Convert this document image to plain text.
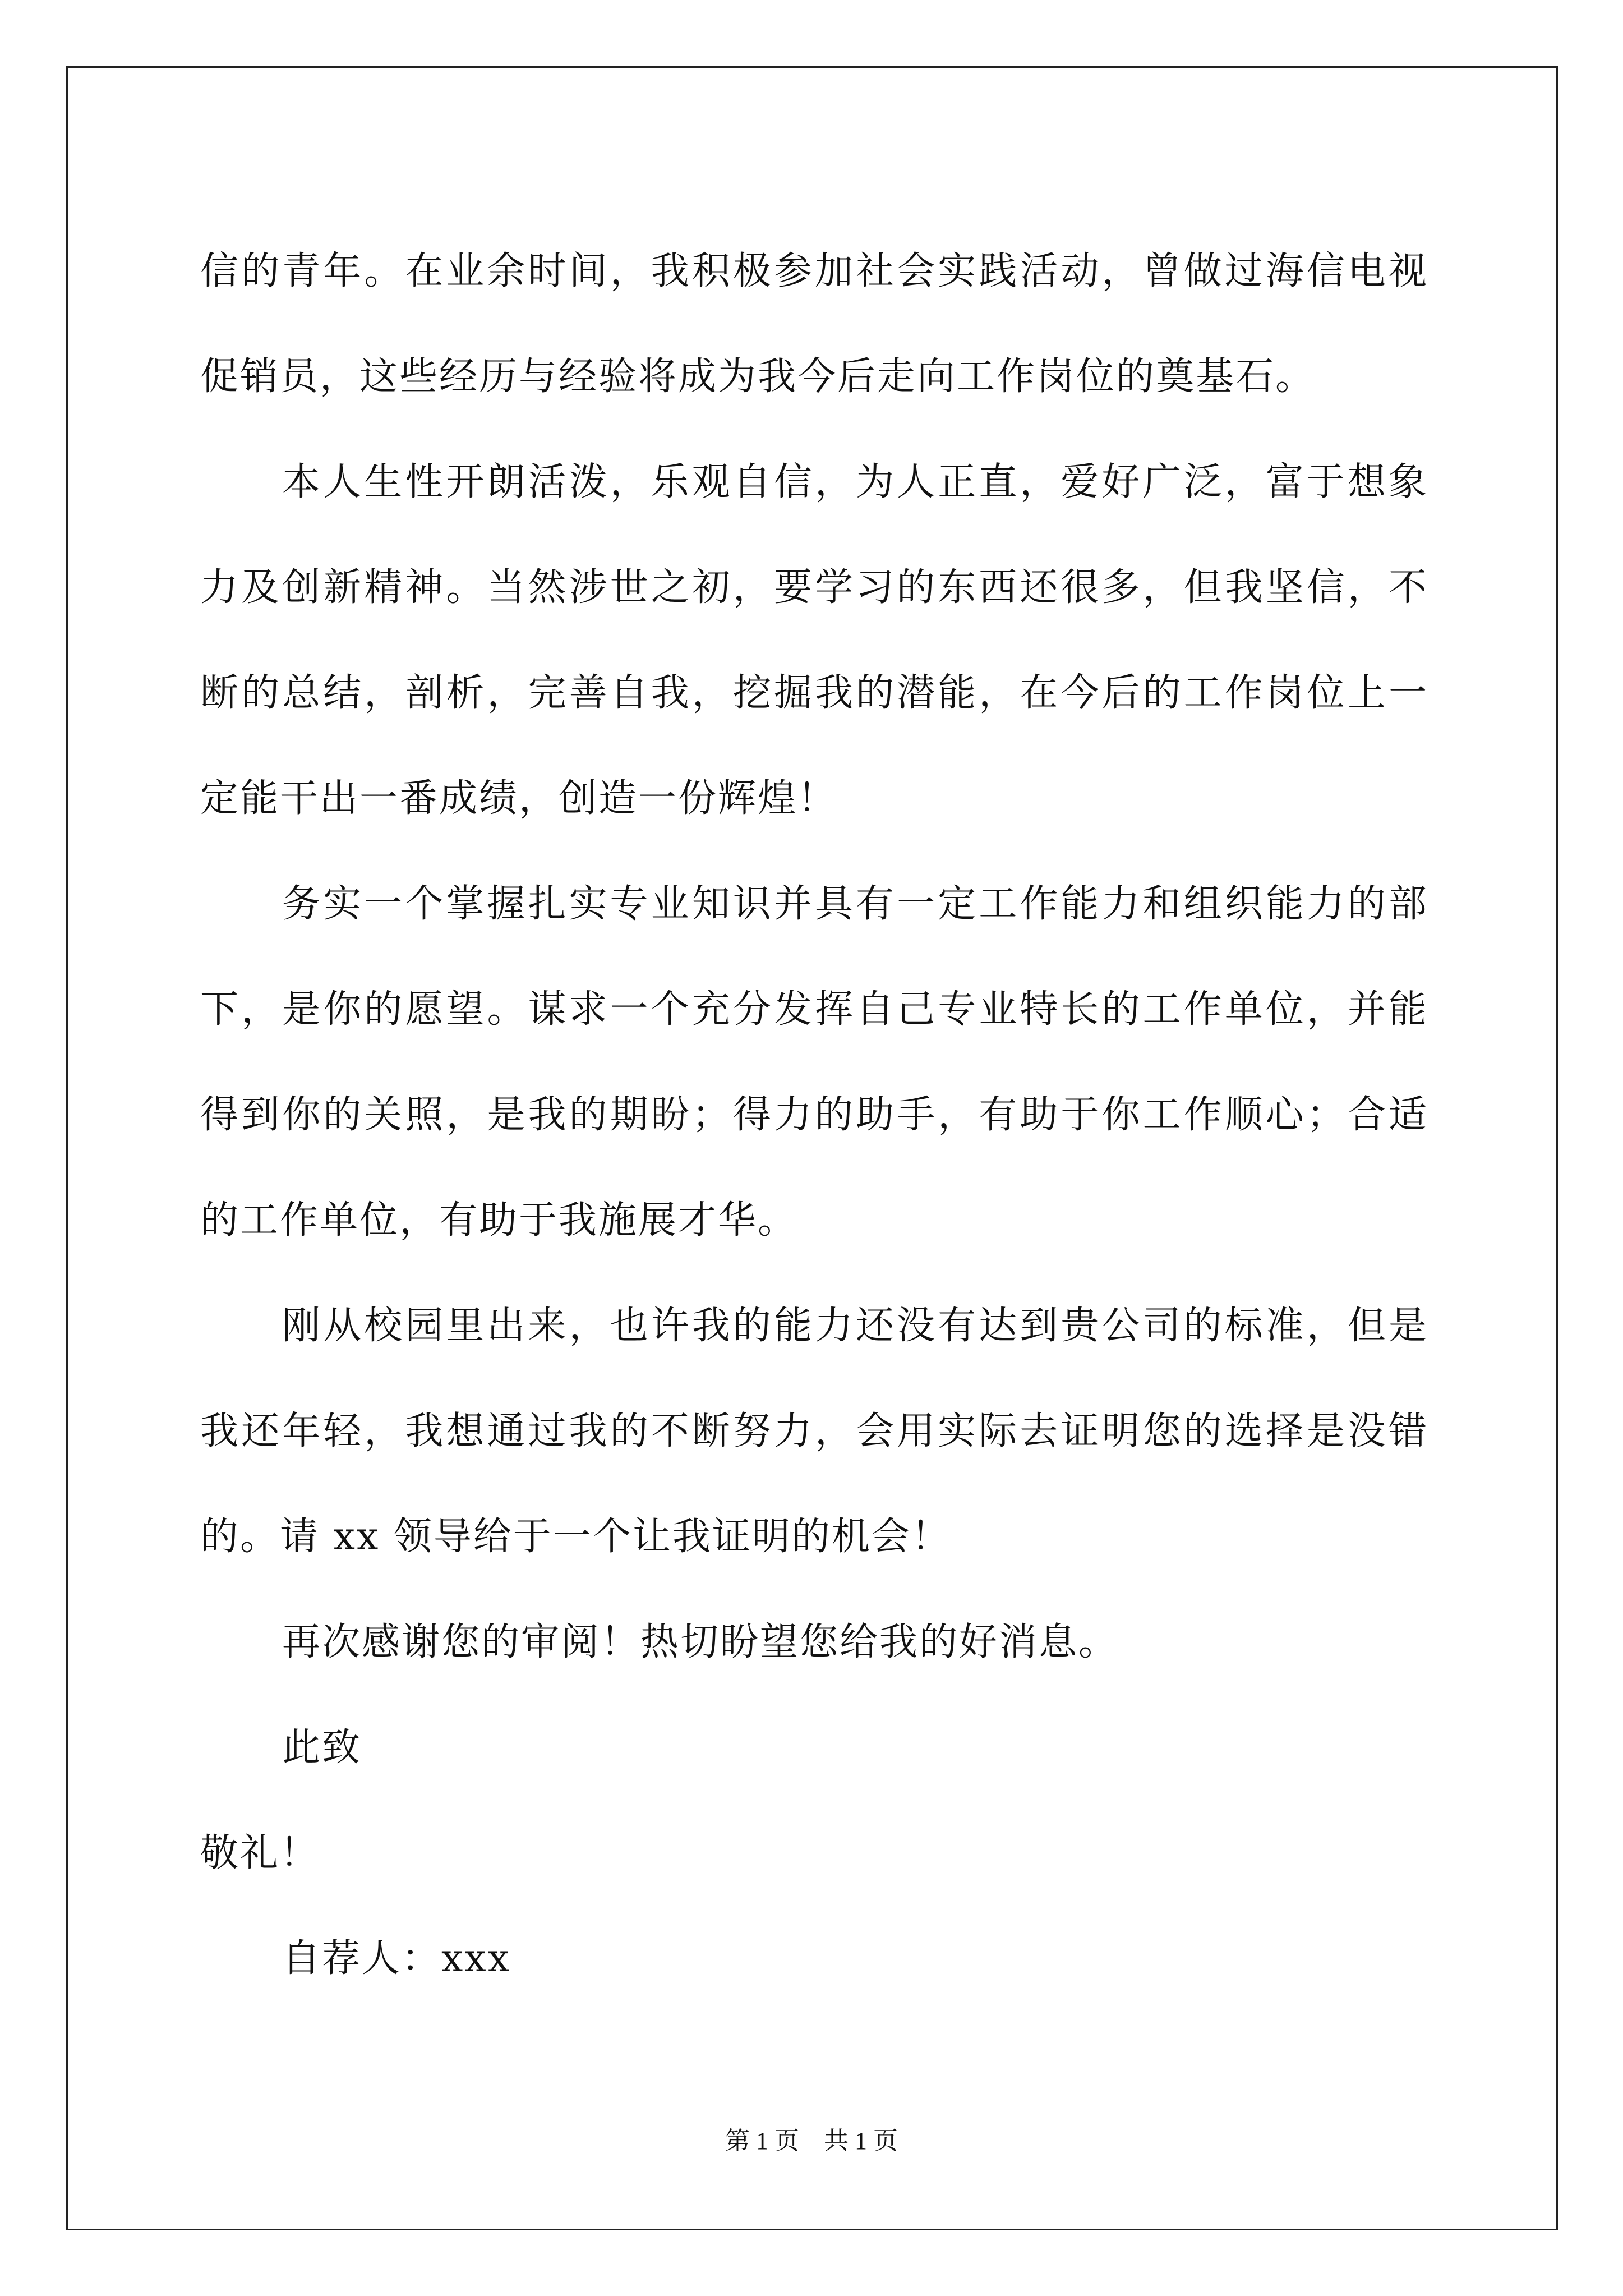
信的青年。在业余时间，我积极参加社会实践活动，曾做过海信电视促销员，这些经历与经验将成为我今后走向工作岗位的奠基石。

本人生性开朗活泼，乐观自信，为人正直，爱好广泛，富于想象力及创新精神。当然涉世之初，要学习的东西还很多，但我坚信，不断的总结，剖析，完善自我，挖掘我的潜能，在今后的工作岗位上一定能干出一番成绩，创造一份辉煌！

务实一个掌握扎实专业知识并具有一定工作能力和组织能力的部下，是你的愿望。谋求一个充分发挥自己专业特长的工作单位，并能得到你的关照，是我的期盼；得力的助手，有助于你工作顺心；合适的工作单位，有助于我施展才华。

刚从校园里出来，也许我的能力还没有达到贵公司的标准，但是我还年轻，我想通过我的不断努力，会用实际去证明您的选择是没错的。请 xx 领导给于一个让我证明的机会！

再次感谢您的审阅！热切盼望您给我的好消息。

此致

敬礼！

自荐人：xxx

第 1 页 共 1 页
